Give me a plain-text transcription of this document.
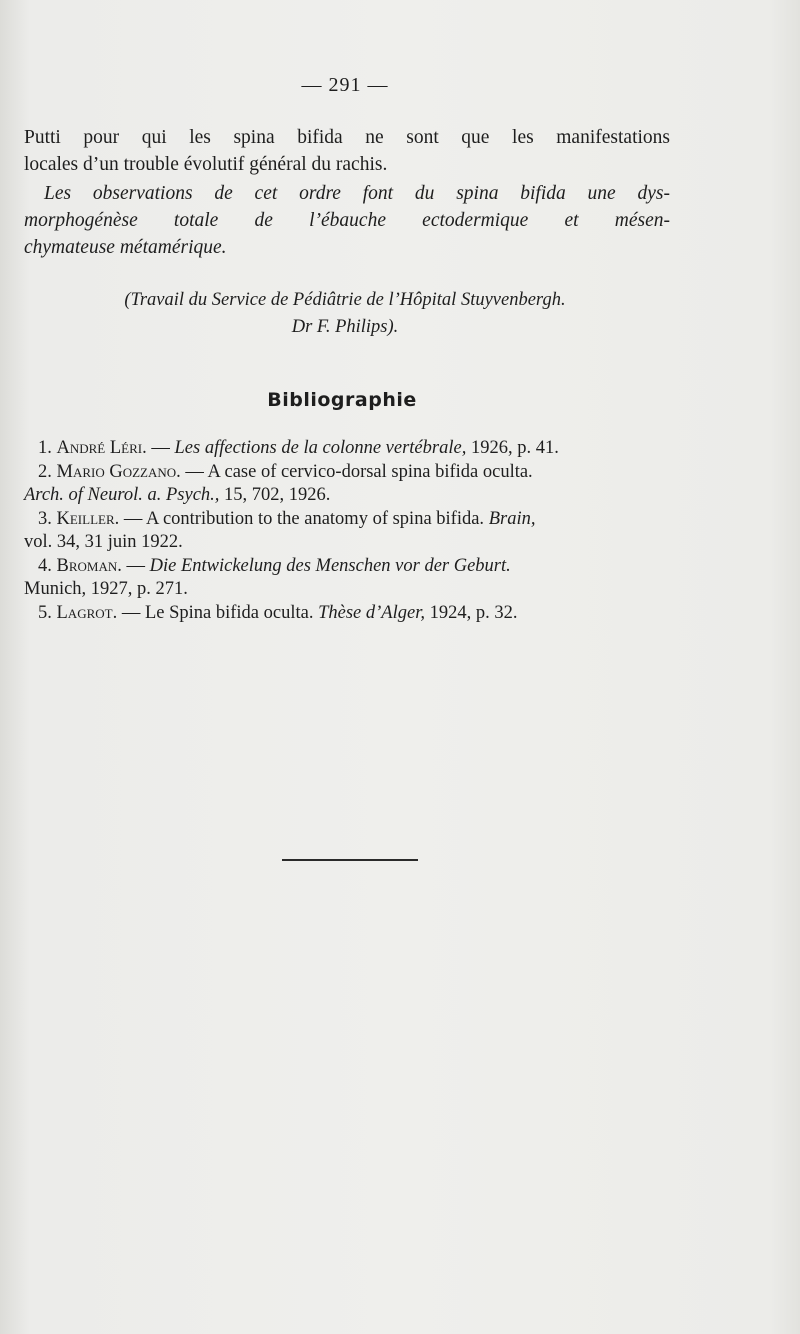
— 291 —
Putti pour qui les spina bifida ne sont que les manifestations
locales d’un trouble évolutif général du rachis.
Les observations de cet ordre font du spina bifida une dys-
morphogénèse totale de l’ébauche ectodermique et mésen-
chymateuse métamérique.
(Travail du Service de Pédiâtrie de l’Hôpital Stuyvenbergh.
Dr F. Philips).
Bibliographie
1. André Léri. — Les affections de la colonne vertébrale, 1926, p. 41.
2. Mario Gozzano. — A case of cervico-dorsal spina bifida oculta.
Arch. of Neurol. a. Psych., 15, 702, 1926.
3. Keiller. — A contribution to the anatomy of spina bifida. Brain,
vol. 34, 31 juin 1922.
4. Broman. — Die Entwickelung des Menschen vor der Geburt.
Munich, 1927, p. 271.
5. Lagrot. — Le Spina bifida oculta. Thèse d’Alger, 1924, p. 32.
